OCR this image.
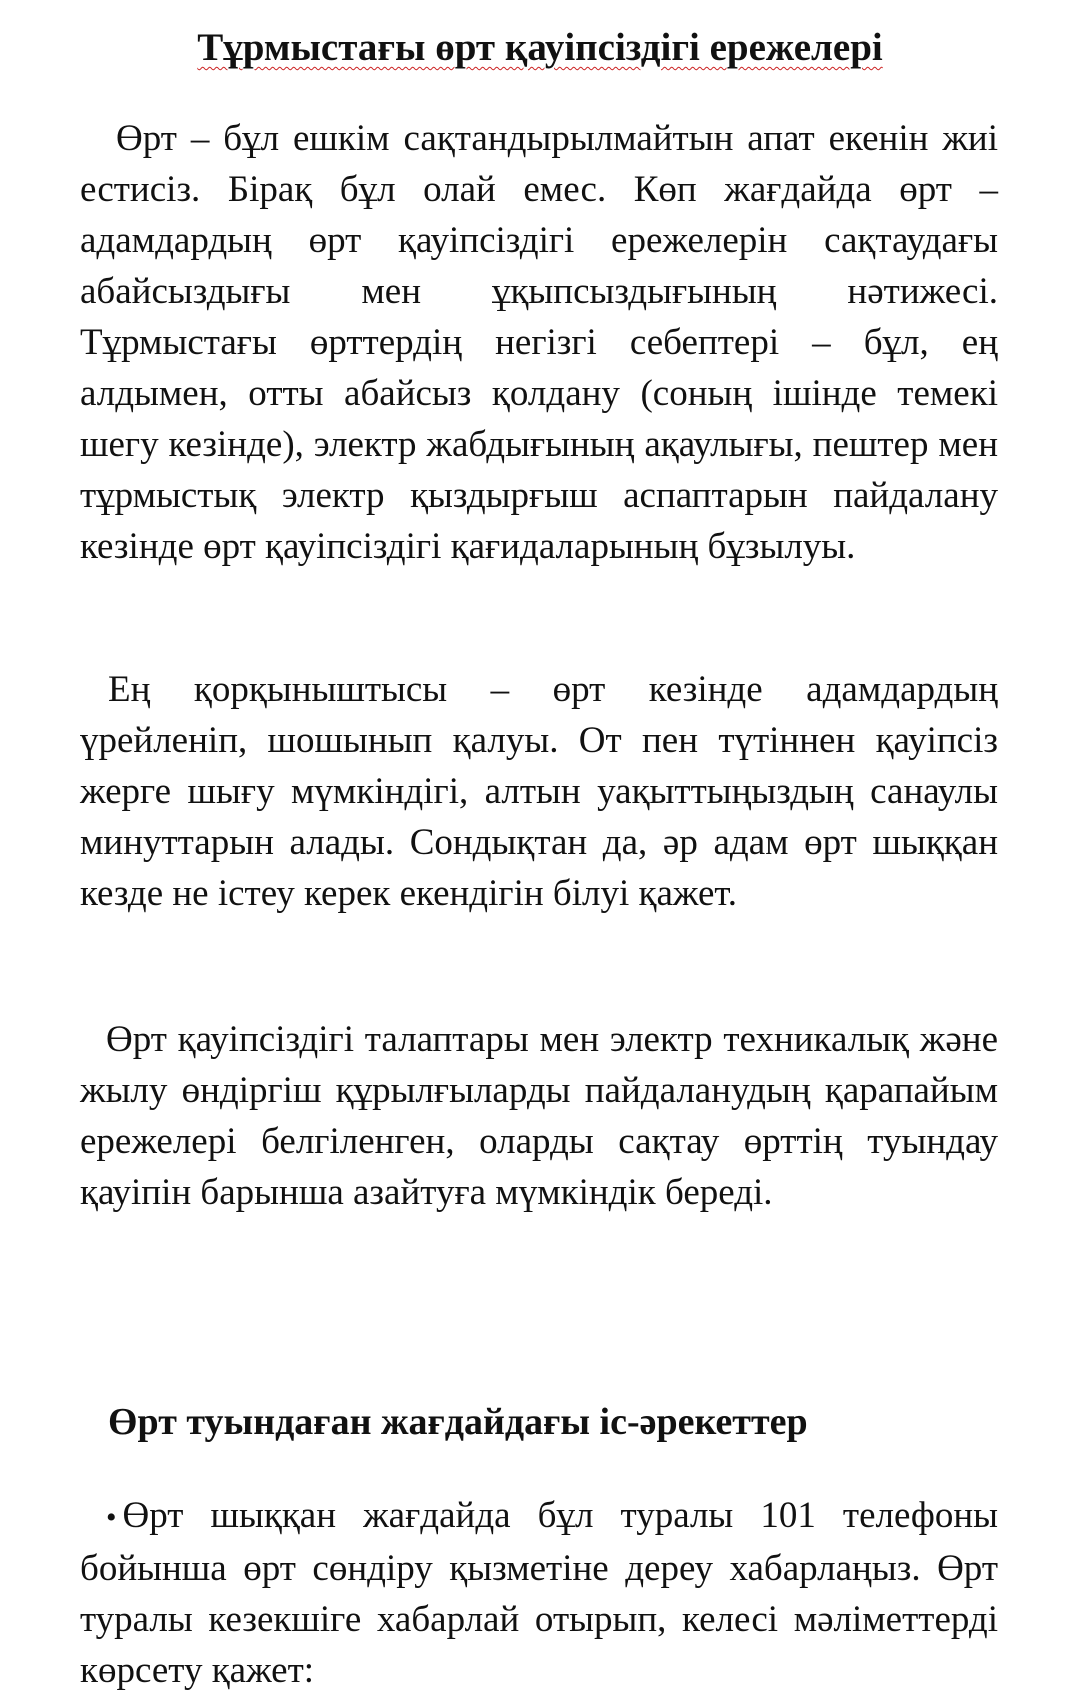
Тұрмыстағы өрт қауіпсіздігі ережелері

Өрт – бұл ешкім сақтандырылмайтын апат екенін жиі естисіз. Бірақ бұл олай емес. Көп жағдайда өрт – адамдардың өрт қауіпсіздігі ережелерін сақтаудағы абайсыздығы мен ұқыпсыздығының нәтижесі. Тұрмыстағы өрттердің негізгі себептері – бұл, ең алдымен, отты абайсыз қолдану (соның ішінде темекі шегу кезінде), электр жабдығының ақаулығы, пештер мен тұрмыстық электр қыздырғыш аспаптарын пайдалану кезінде өрт қауіпсіздігі қағидаларының бұзылуы.

Ең қорқыныштысы – өрт кезінде адамдардың үрейленіп, шошынып қалуы. От пен түтіннен қауіпсіз жерге шығу мүмкіндігі, алтын уақыттыңыздың санаулы минуттарын алады. Сондықтан да, әр адам өрт шыққан кезде не істеу керек екендігін білуі қажет.

Өрт қауіпсіздігі талаптары мен электр техникалық және жылу өндіргіш құрылғыларды пайдаланудың қарапайым ережелері белгіленген, оларды сақтау өрттің туындау қауіпін барынша азайтуға мүмкіндік береді.

Өрт туындаған жағдайдағы іс-әрекеттер

• Өрт шыққан жағдайда бұл туралы 101 телефоны бойынша өрт сөндіру қызметіне дереу хабарлаңыз. Өрт туралы кезекшіге хабарлай отырып, келесі мәліметтерді көрсету қажет:
